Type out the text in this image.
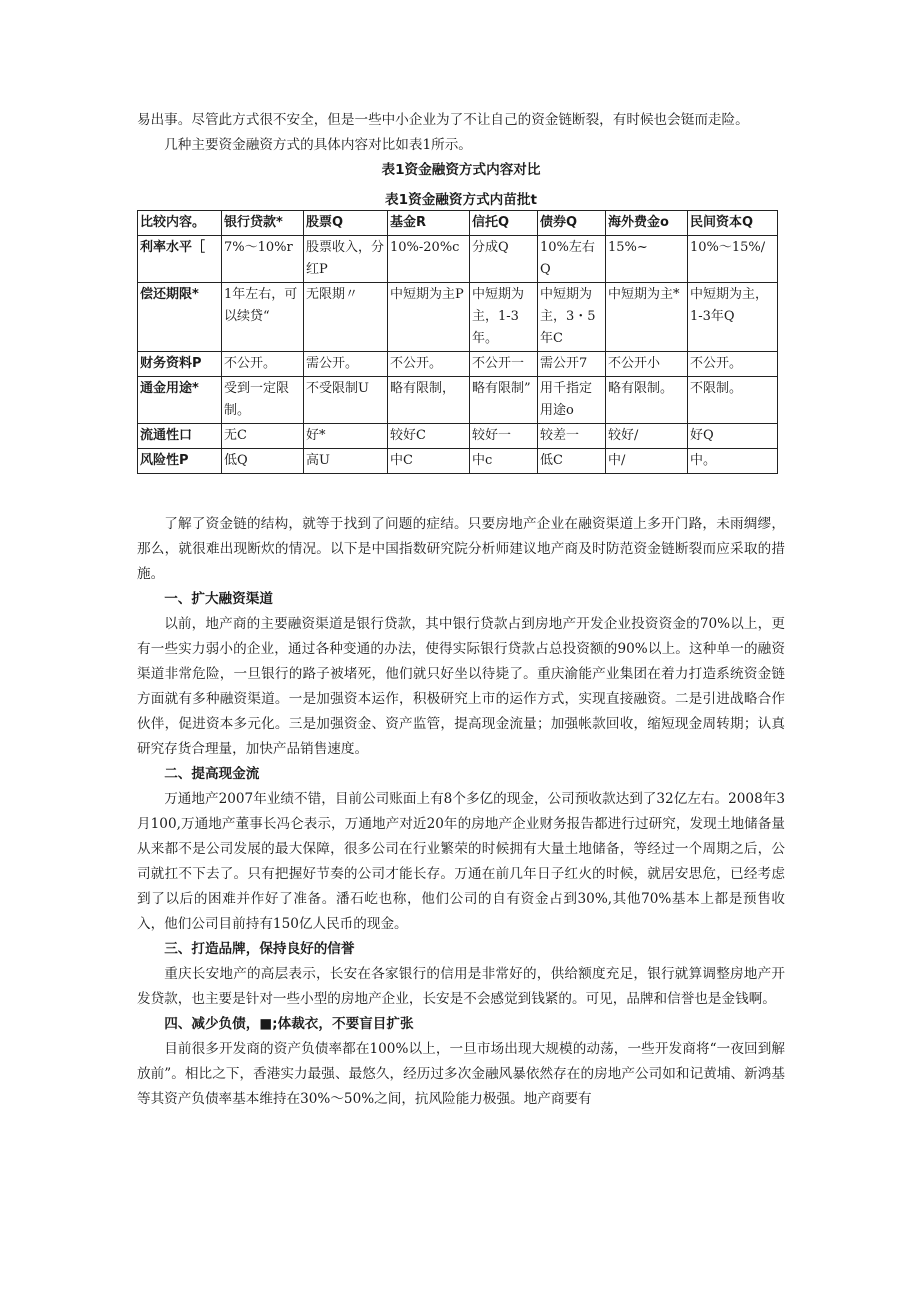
易出事。尽管此方式很不安全，但是一些中小企业为了不让自己的资金链断裂，有时候也会铤而走险。

几种主要资金融资方式的具体内容对比如表1所示。

表1资金融资方式内容对比
表1资金融资方式内苗批t
比较内容。	银行贷款*	股票Q	基金R	信托Q	债券Q	海外费金o	民间资本Q
利率水平［	7%～10%r	股票收入，分红P	10%-20%c	分成Q	10%左右Q	15%~	10%～15%/
偿还期限*	1年左右，可以续贷“	无限期〃	中短期为主P	中短期为主，1-3年。	中短期为主，3・5年C	中短期为主*	中短期为主，1-3年Q
财务资料P	不公开。	需公开。	不公开。	不公开一	需公开7	不公开小	不公开。
通金用途*	受到一定限制。	不受限制U	略有限制，	略有限制”	用千指定用途o	略有限制。	不限制。
流通性口	无C	好*	较好C	较好一	较差一	较好/	好Q
风险性P	低Q	高U	中C	中c	低C	中/	中。

了解了资金链的结构，就等于找到了问题的症结。只要房地产企业在融资渠道上多开门路，未雨绸缪，那么，就很难出现断炊的情况。以下是中国指数研究院分析师建议地产商及时防范资金链断裂而应采取的措施。

一、扩大融资渠道

以前，地产商的主要融资渠道是银行贷款，其中银行贷款占到房地产开发企业投资资金的70%以上，更有一些实力弱小的企业，通过各种变通的办法，使得实际银行贷款占总投资额的90%以上。这种单一的融资渠道非常危险，一旦银行的路子被堵死，他们就只好坐以待毙了。重庆渝能产业集团在着力打造系统资金链方面就有多种融资渠道。一是加强资本运作，积极研究上市的运作方式，实现直接融资。二是引进战略合作伙伴，促进资本多元化。三是加强资金、资产监管，提高现金流量；加强帐款回收，缩短现金周转期；认真研究存货合理量，加快产品销售速度。

二、提高现金流

万通地产2007年业绩不错，目前公司账面上有8个多亿的现金，公司预收款达到了32亿左右。2008年3月100,万通地产董事长冯仑表示，万通地产对近20年的房地产企业财务报告都进行过研究，发现土地储备量从来都不是公司发展的最大保障，很多公司在行业繁荣的时候拥有大量土地储备，等经过一个周期之后，公司就扛不下去了。只有把握好节奏的公司才能长存。万通在前几年日子红火的时候，就居安思危，已经考虑到了以后的困难并作好了准备。潘石屹也称，他们公司的自有资金占到30%,其他70%基本上都是预售收入，他们公司目前持有150亿人民币的现金。

三、打造品牌，保持良好的信誉

重庆长安地产的高层表示，长安在各家银行的信用是非常好的，供给额度充足，银行就算调整房地产开发贷款，也主要是针对一些小型的房地产企业，长安是不会感觉到钱紧的。可见，品牌和信誉也是金钱啊。

四、减少负债，■;体裁衣，不要盲目扩张

目前很多开发商的资产负债率都在100%以上，一旦市场出现大规模的动荡，一些开发商将“一夜回到解放前”。相比之下，香港实力最强、最悠久，经历过多次金融风暴依然存在的房地产公司如和记黄埔、新鸿基等其资产负债率基本维持在30%～50%之间，抗风险能力极强。地产商要有
